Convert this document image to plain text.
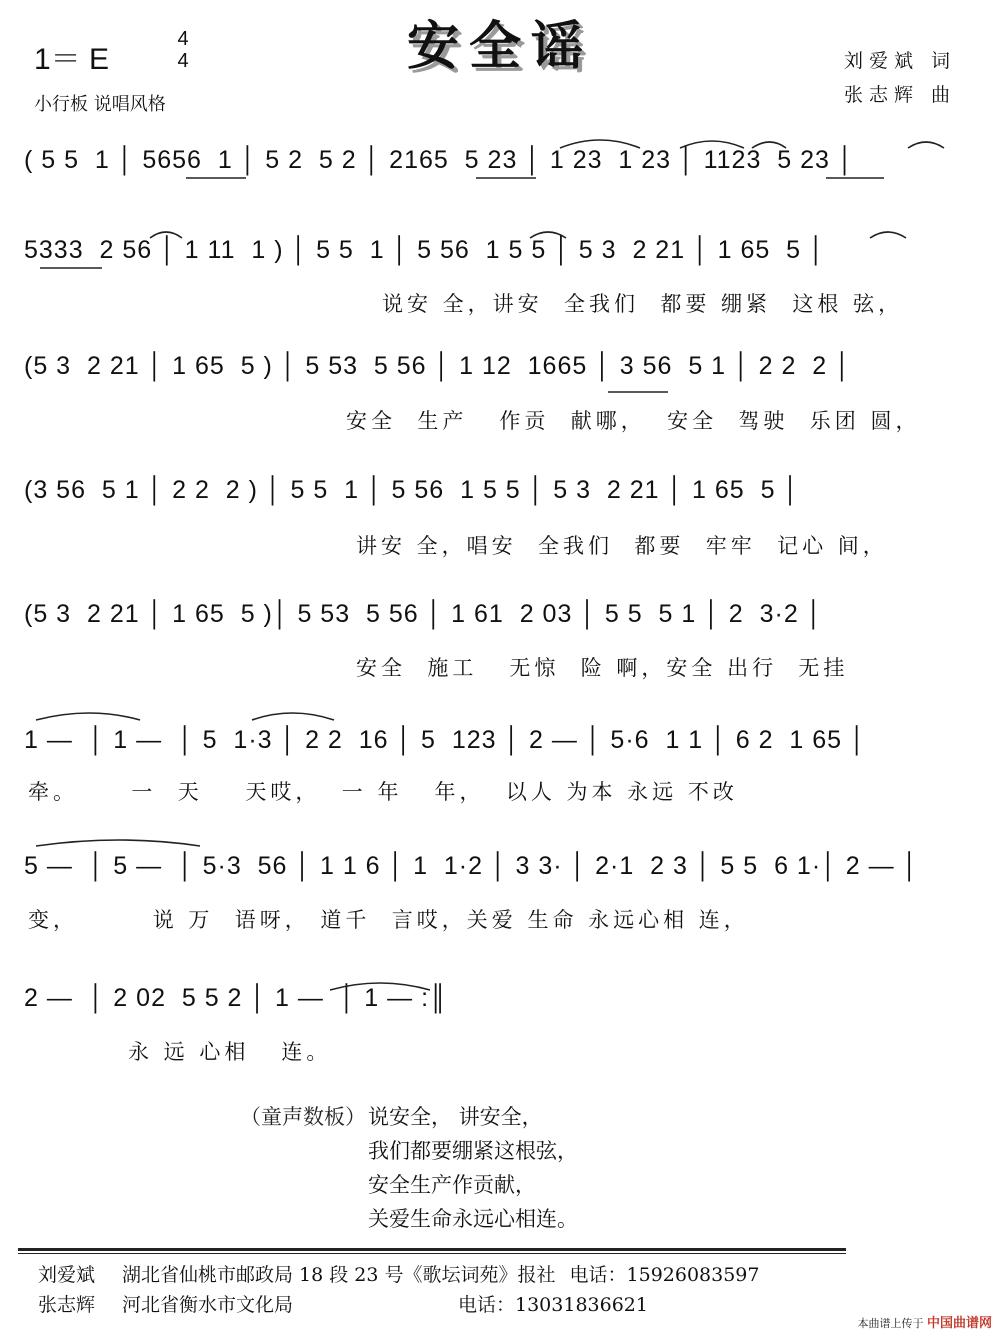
安全谣
1＝ E
4
4
小行板 说唱风格
刘爱斌 词
张志辉 曲
( 5 5  1 │ 5656  1 │ 5 2  5 2 │ 2165  5 23 │ 1 23  1 23 │ 1123  5 23 │
5333  2 56 │ 1 11  1 ) │ 5 5  1 │ 5 56  1 5 5 │ 5 3  2 21 │ 1 65  5 │
说安 全，讲安  全我们  都要 绷紧  这根 弦，
(5 3  2 21 │ 1 65  5 ) │ 5 53  5 56 │ 1 12  1665 │ 3 56  5 1 │ 2 2  2 │
安全  生产   作贡  献哪，  安全  驾驶  乐团 圆，
(3 56  5 1 │ 2 2  2 ) │ 5 5  1 │ 5 56  1 5 5 │ 5 3  2 21 │ 1 65  5 │
讲安 全，唱安  全我们  都要  牢牢  记心 间，
(5 3  2 21 │ 1 65  5 )│ 5 53  5 56 │ 1 61  2 03 │ 5 5  5 1 │ 2  3·2 │
安全  施工   无惊  险 啊，安全 出行  无挂
1 —  │ 1 —  │ 5  1·3 │ 2 2  16 │ 5  123 │ 2 — │ 5·6  1 1 │ 6 2  1 65 │
牵。     一  天    天哎，  一 年   年，  以人 为本 永远 不改
5 —  │ 5 —  │ 5·3  56 │ 1 1 6 │ 1  1·2 │ 3 3· │ 2·1  2 3 │ 5 5  6 1·│ 2 — │
变，       说 万  语呀， 道千  言哎，关爱 生命 永远心相 连，
2 —  │ 2 02  5 5 2 │ 1 —  │ 1 — :║
永 远 心相   连。
（童声数板）说安全， 讲安全，
我们都要绷紧这根弦，
安全生产作贡献，
关爱生命永远心相连。
刘爱斌 湖北省仙桃市邮政局 18 段 23 号《歌坛词苑》报社 电话：15926083597
张志辉 河北省衡水市文化局	电话：13031836621
本曲谱上传于 中国曲谱网
